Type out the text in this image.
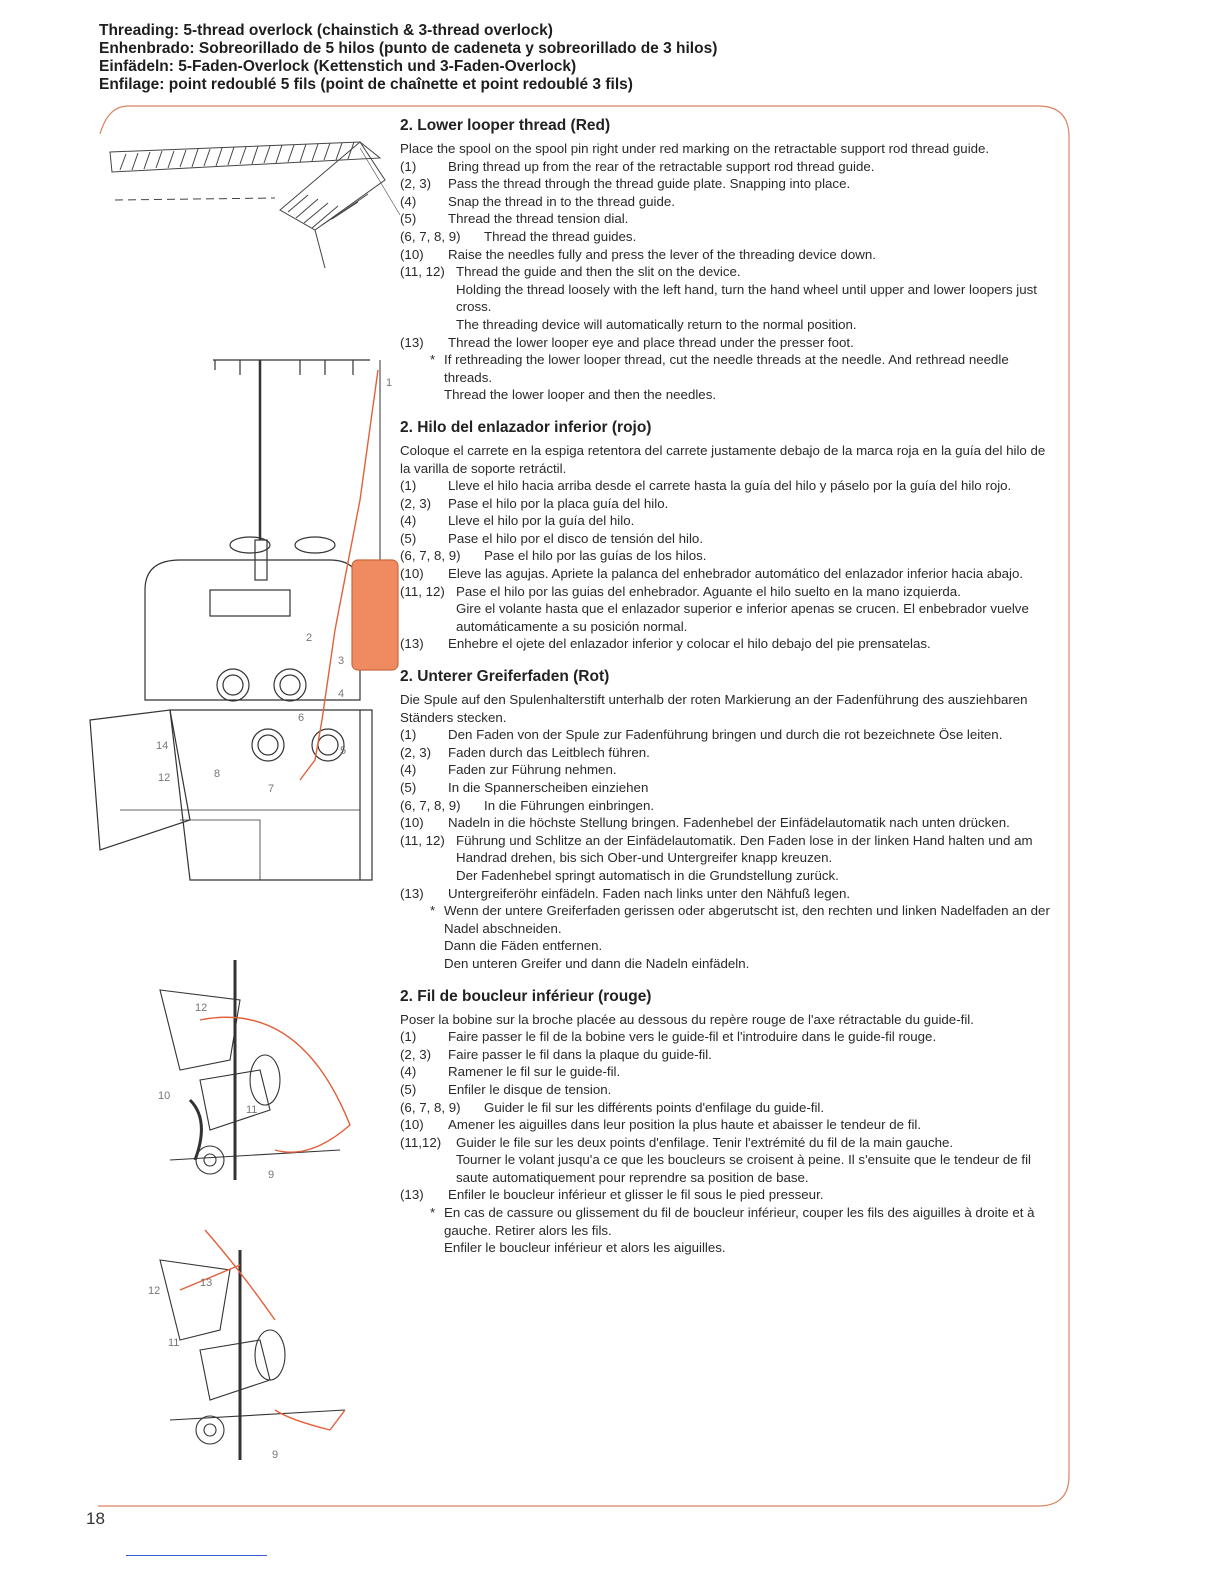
Threading: 5-thread overlock (chainstich & 3-thread overlock)
Enhenbrado: Sobreorillado de 5 hilos (punto de cadeneta y sobreorillado de 3 hilos)
Einfädeln: 5-Faden-Overlock (Kettenstich und 3-Faden-Overlock)
Enfilage: point redoublé 5 fils (point de chaînette et point redoublé 3 fils)
1
2
3
4
5
6
7
8
12
14
12
10
11
9
13
12
11
9
2. Lower looper thread (Red)

Place the spool on the spool pin right under red marking on the retractable support rod thread guide.

(1)	Bring thread up from the rear of the retractable support rod thread guide.
(2, 3)	Pass the thread through the thread guide plate. Snapping into place.
(4)	Snap the thread in to the thread guide.
(5)	Thread the thread tension dial.
(6, 7, 8, 9)	Thread the thread guides.
(10)	Raise the needles fully and press the lever of the threading device down.
(11, 12) Thread the guide and then the slit on the device.
Holding the thread loosely with the left hand, turn the hand wheel until upper and lower loopers just cross.
The threading device will automatically return to the normal position.
(13)	Thread the lower looper eye and place thread under the presser foot.
* If rethreading the lower looper thread, cut the needle threads at the needle. And rethread needle threads.
Thread the lower looper and then the needles.
2. Hilo del enlazador inferior (rojo)

Coloque el carrete en la espiga retentora del carrete justamente debajo de la marca roja en la guía del hilo de la varilla de soporte retráctil.

(1)	Lleve el hilo hacia arriba desde el carrete hasta la guía del hilo y páselo por la guía del hilo rojo.
(2, 3)	Pase el hilo por la placa guía del hilo.
(4)	Lleve el hilo por la guía del hilo.
(5)	Pase el hilo por el disco de tensión del hilo.
(6, 7, 8, 9)	Pase el hilo por las guías de los hilos.
(10)	Eleve las agujas. Apriete la palanca del enhebrador automático del enlazador inferior hacia abajo.
(11, 12) Pase el hilo por las guias del enhebrador. Aguante el hilo suelto en la mano izquierda.
Gire el volante hasta que el enlazador superior e inferior apenas se crucen. El enbebrador vuelve automáticamente a su posición normal.
(13)	Enhebre el ojete del enlazador inferior y colocar el hilo debajo del pie prensatelas.
2. Unterer Greiferfaden (Rot)

Die Spule auf den Spulenhalterstift unterhalb der roten Markierung an der Fadenführung des ausziehbaren Ständers stecken.

(1)	Den Faden von der Spule zur Fadenführung bringen und durch die rot bezeichnete Öse leiten.
(2, 3)	Faden durch das Leitblech führen.
(4)	Faden zur Führung nehmen.
(5)	In die Spannerscheiben einziehen
(6, 7, 8, 9)	In die Führungen einbringen.
(10)	Nadeln in die höchste Stellung bringen. Fadenhebel der Einfädelautomatik nach unten drücken.
(11, 12) Führung und Schlitze an der Einfädelautomatik. Den Faden lose in der linken Hand halten und am Handrad drehen, bis sich Ober-und Untergreifer knapp kreuzen.
Der Fadenhebel springt automatisch in die Grundstellung zurück.
(13)	Untergreiferöhr einfädeln. Faden nach links unter den Nähfuß legen.
* Wenn der untere Greiferfaden gerissen oder abgerutscht ist, den rechten und linken Nadelfaden an der Nadel abschneiden.
Dann die Fäden entfernen.
Den unteren Greifer und dann die Nadeln einfädeln.
2. Fil de boucleur inférieur (rouge)

Poser la bobine sur la broche placée au dessous du repère rouge de l'axe rétractable du guide-fil.

(1)	Faire passer le fil de la bobine vers le guide-fil et l'introduire dans le guide-fil rouge.
(2, 3)	Faire passer le fil dans la plaque du guide-fil.
(4)	Ramener le fil sur le guide-fil.
(5)	Enfiler le disque de tension.
(6, 7, 8, 9)	Guider le fil sur les différents points d'enfilage du guide-fil.
(10)	Amener les aiguilles dans leur position la plus haute et abaisser le tendeur de fil.
(11,12)	Guider le file sur les deux points d'enfilage. Tenir l'extrémité du fil de la main gauche.
Tourner le volant jusqu'a ce que les boucleurs se croisent à peine. Il s'ensuite que le tendeur de fil saute automatiquement pour reprendre sa position de base.
(13)	Enfiler le boucleur inférieur et glisser le fil sous le pied presseur.
* En cas de cassure ou glissement du fil de boucleur inférieur, couper les fils des aiguilles à droite et à gauche. Retirer alors les fils.
Enfiler le boucleur inférieur et alors les aiguilles.
18
